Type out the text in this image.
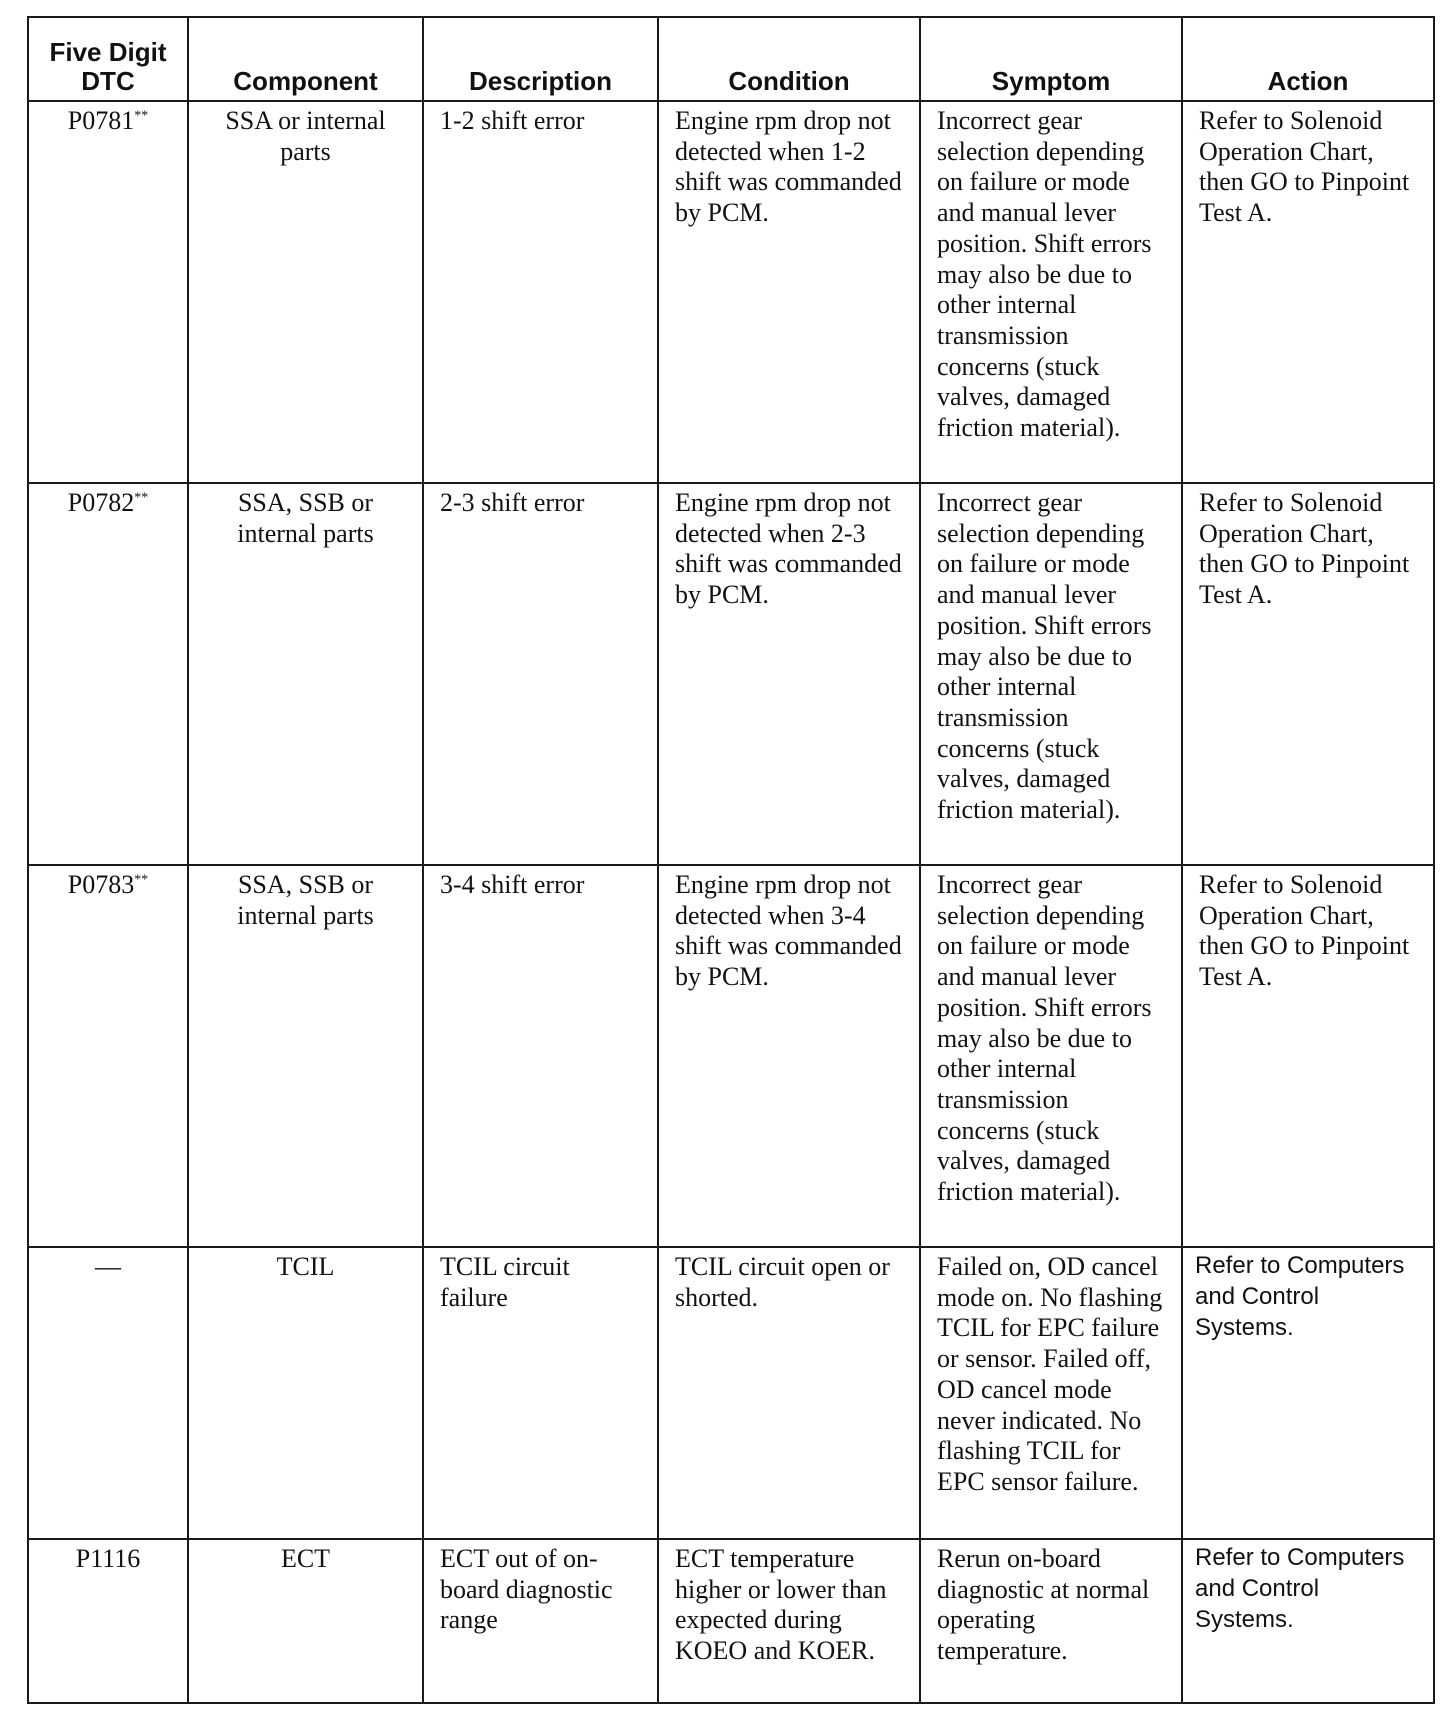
Five Digit DTC	Component	Description	Condition	Symptom	Action
P0781**	SSA or internal parts	1-2 shift error	Engine rpm drop not detected when 1-2 shift was commanded by PCM.	Incorrect gear selection depending on failure or mode and manual lever position. Shift errors may also be due to other internal transmission concerns (stuck valves, damaged friction material).	Refer to Solenoid Operation Chart, then GO to Pinpoint Test A.
P0782**	SSA, SSB or internal parts	2-3 shift error	Engine rpm drop not detected when 2-3 shift was commanded by PCM.	Incorrect gear selection depending on failure or mode and manual lever position. Shift errors may also be due to other internal transmission concerns (stuck valves, damaged friction material).	Refer to Solenoid Operation Chart, then GO to Pinpoint Test A.
P0783**	SSA, SSB or internal parts	3-4 shift error	Engine rpm drop not detected when 3-4 shift was commanded by PCM.	Incorrect gear selection depending on failure or mode and manual lever position. Shift errors may also be due to other internal transmission concerns (stuck valves, damaged friction material).	Refer to Solenoid Operation Chart, then GO to Pinpoint Test A.
—	TCIL	TCIL circuit failure	TCIL circuit open or shorted.	Failed on, OD cancel mode on. No flashing TCIL for EPC failure or sensor. Failed off, OD cancel mode never indicated. No flashing TCIL for EPC sensor failure.	Refer to Computers and Control Systems.
P1116	ECT	ECT out of on-board diagnostic range	ECT temperature higher or lower than expected during KOEO and KOER.	Rerun on-board diagnostic at normal operating temperature.	Refer to Computers and Control Systems.
